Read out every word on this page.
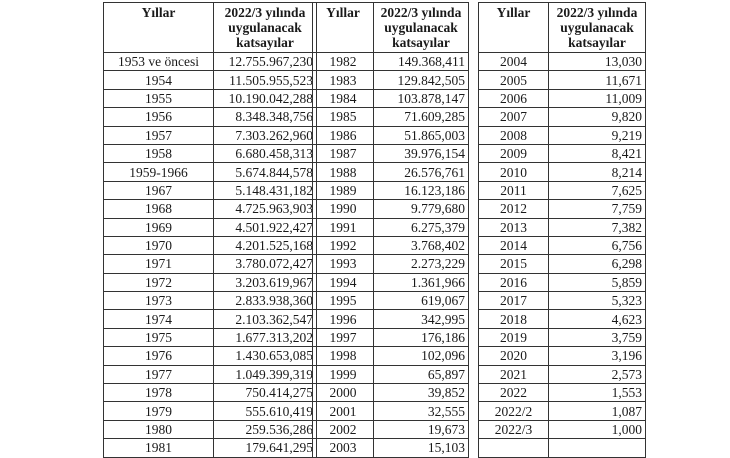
Yıllar	2022/3 yılında uygulanacak katsayılar
1953 ve öncesi	12.755.967,230
1954	11.505.955,523
1955	10.190.042,288
1956	8.348.348,756
1957	7.303.262,960
1958	6.680.458,313
1959-1966	5.674.844,578
1967	5.148.431,182
1968	4.725.963,903
1969	4.501.922,427
1970	4.201.525,168
1971	3.780.072,427
1972	3.203.619,967
1973	2.833.938,360
1974	2.103.362,547
1975	1.677.313,202
1976	1.430.653,085
1977	1.049.399,319
1978	750.414,275
1979	555.610,419
1980	259.536,286
1981	179.641,295
Yıllar	2022/3 yılında uygulanacak katsayılar
1982	149.368,411
1983	129.842,505
1984	103.878,147
1985	71.609,285
1986	51.865,003
1987	39.976,154
1988	26.576,761
1989	16.123,186
1990	9.779,680
1991	6.275,379
1992	3.768,402
1993	2.273,229
1994	1.361,966
1995	619,067
1996	342,995
1997	176,186
1998	102,096
1999	65,897
2000	39,852
2001	32,555
2002	19,673
2003	15,103
Yıllar	2022/3 yılında uygulanacak katsayılar
2004	13,030
2005	11,671
2006	11,009
2007	9,820
2008	9,219
2009	8,421
2010	8,214
2011	7,625
2012	7,759
2013	7,382
2014	6,756
2015	6,298
2016	5,859
2017	5,323
2018	4,623
2019	3,759
2020	3,196
2021	2,573
2022	1,553
2022/2	1,087
2022/3	1,000
